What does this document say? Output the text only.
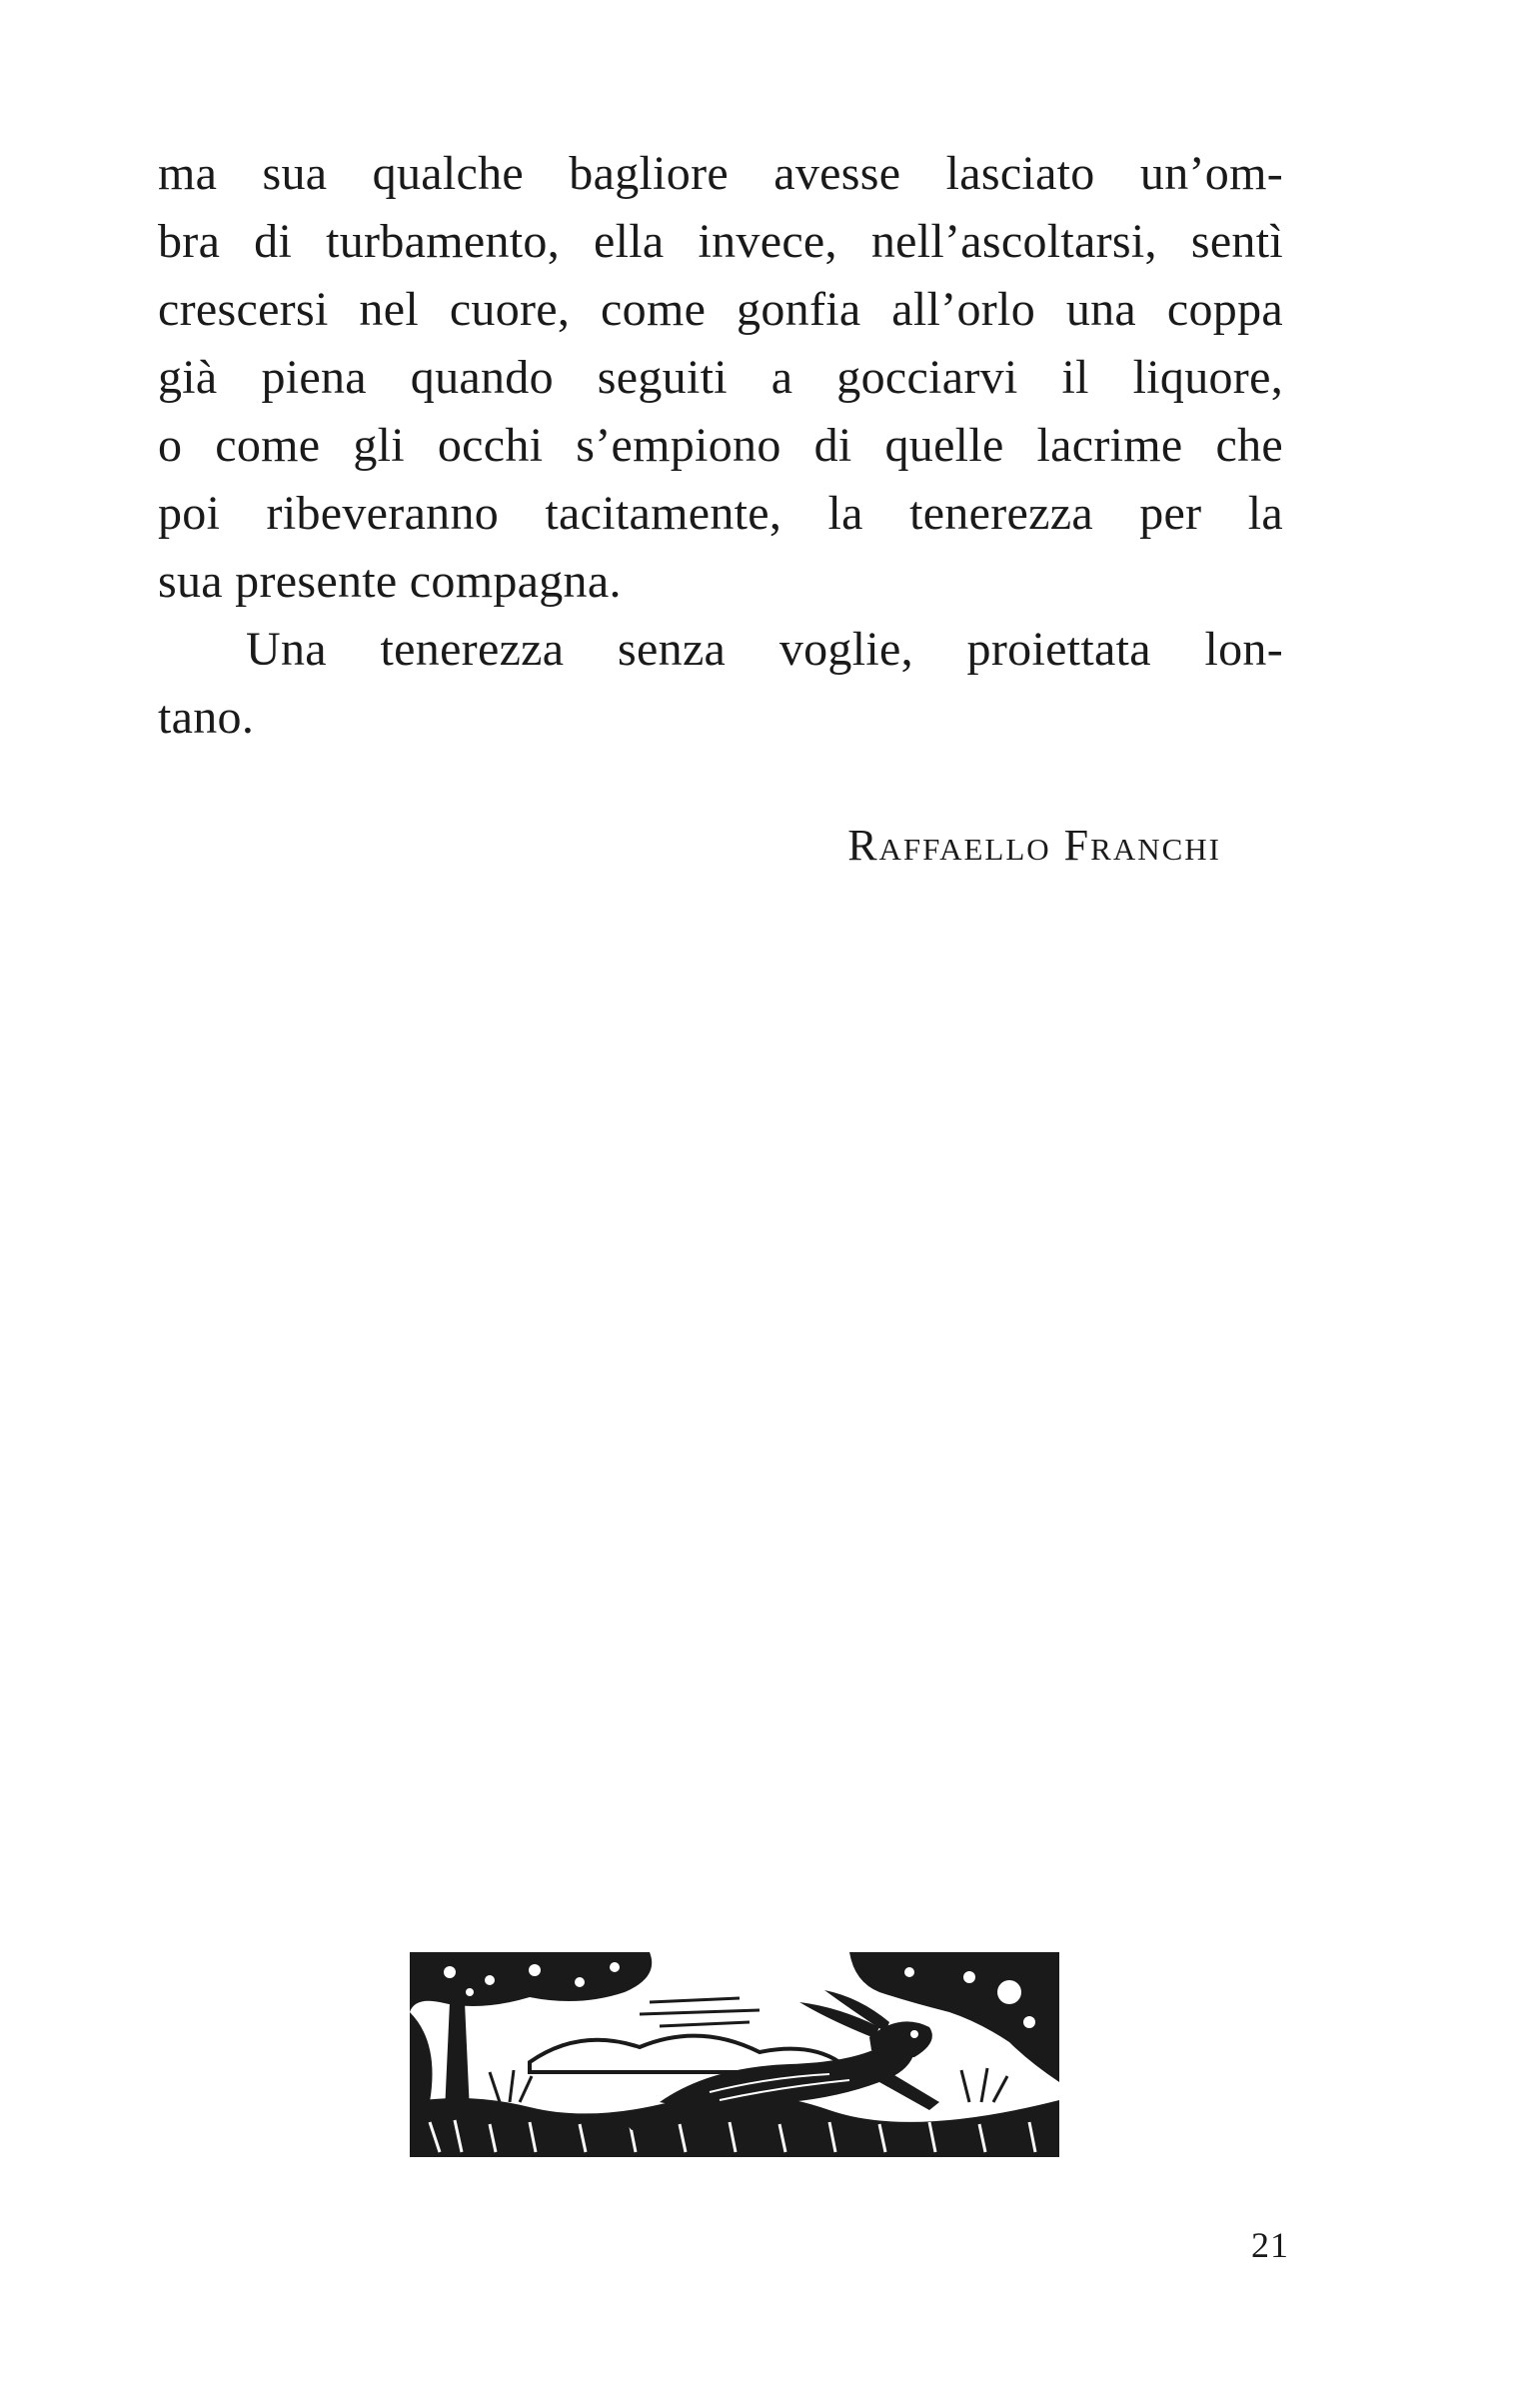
ma sua qualche bagliore avesse lasciato un’om-
bra di turbamento, ella invece, nell’ascoltarsi, sentì
crescersi nel cuore, come gonfia all’orlo una coppa
già piena quando seguiti a gocciarvi il liquore,
o come gli occhi s’empiono di quelle lacrime che
poi ribeveranno tacitamente, la tenerezza per la
sua presente compagna.
Una tenerezza senza voglie, proiettata lon-
tano.
Raffaello Franchi
21
